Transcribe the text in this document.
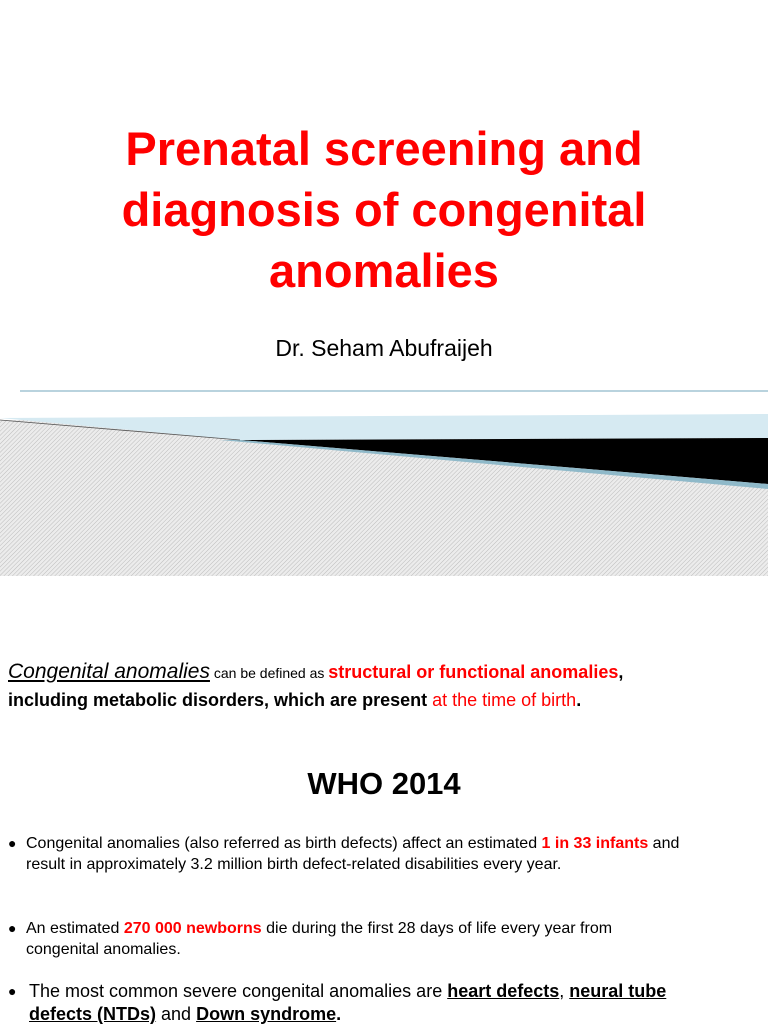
Prenatal screening and diagnosis of congenital anomalies

Dr. Seham Abufraijeh

Congenital anomalies can be defined as structural or functional anomalies,
including metabolic disorders, which are present at the time of birth.

WHO 2014

● Congenital anomalies (also referred as birth defects) affect an estimated 1 in 33 infants and result in approximately 3.2 million birth defect-related disabilities every year.

● An estimated 270 000 newborns die during the first 28 days of life every year from congenital anomalies.

● The most common severe congenital anomalies are heart defects, neural tube defects (NTDs) and Down syndrome.
